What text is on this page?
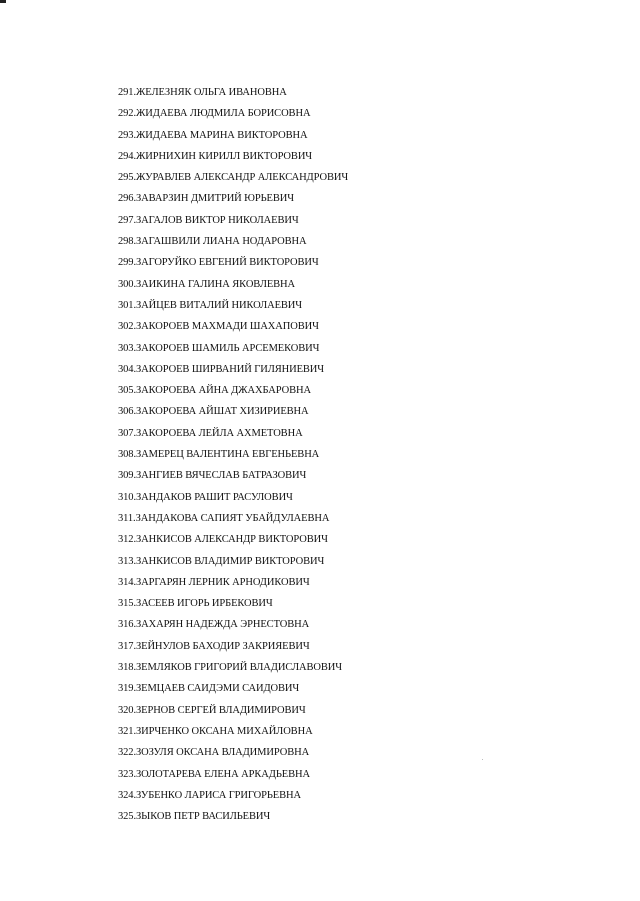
291.ЖЕЛЕЗНЯК ОЛЬГА ИВАНОВНА
292.ЖИДАЕВА ЛЮДМИЛА БОРИСОВНА
293.ЖИДАЕВА МАРИНА ВИКТОРОВНА
294.ЖИРНИХИН КИРИЛЛ ВИКТОРОВИЧ
295.ЖУРАВЛЕВ АЛЕКСАНДР АЛЕКСАНДРОВИЧ
296.ЗАВАРЗИН ДМИТРИЙ ЮРЬЕВИЧ
297.ЗАГАЛОВ ВИКТОР НИКОЛАЕВИЧ
298.ЗАГАШВИЛИ ЛИАНА НОДАРОВНА
299.ЗАГОРУЙКО ЕВГЕНИЙ ВИКТОРОВИЧ
300.ЗАИКИНА ГАЛИНА ЯКОВЛЕВНА
301.ЗАЙЦЕВ ВИТАЛИЙ НИКОЛАЕВИЧ
302.ЗАКОРОЕВ МАХМАДИ ШАХАПОВИЧ
303.ЗАКОРОЕВ ШАМИЛЬ АРСЕМЕКОВИЧ
304.ЗАКОРОЕВ ШИРВАНИЙ ГИЛЯНИЕВИЧ
305.ЗАКОРОЕВА АЙНА ДЖАХБАРОВНА
306.ЗАКОРОЕВА АЙШАТ ХИЗИРИЕВНА
307.ЗАКОРОЕВА ЛЕЙЛА АХМЕТОВНА
308.ЗАМЕРЕЦ ВАЛЕНТИНА ЕВГЕНЬЕВНА
309.ЗАНГИЕВ ВЯЧЕСЛАВ БАТРАЗОВИЧ
310.ЗАНДАКОВ РАШИТ РАСУЛОВИЧ
311.ЗАНДАКОВА САПИЯТ УБАЙДУЛАЕВНА
312.ЗАНКИСОВ АЛЕКСАНДР ВИКТОРОВИЧ
313.ЗАНКИСОВ ВЛАДИМИР ВИКТОРОВИЧ
314.ЗАРГАРЯН ЛЕРНИК АРНОДИКОВИЧ
315.ЗАСЕЕВ ИГОРЬ ИРБЕКОВИЧ
316.ЗАХАРЯН НАДЕЖДА ЭРНЕСТОВНА
317.ЗЕЙНУЛОВ БАХОДИР ЗАКРИЯЕВИЧ
318.ЗЕМЛЯКОВ ГРИГОРИЙ ВЛАДИСЛАВОВИЧ
319.ЗЕМЦАЕВ САИДЭМИ САИДОВИЧ
320.ЗЕРНОВ СЕРГЕЙ ВЛАДИМИРОВИЧ
321.ЗИРЧЕНКО ОКСАНА МИХАЙЛОВНА
322.ЗОЗУЛЯ ОКСАНА ВЛАДИМИРОВНА
323.ЗОЛОТАРЕВА ЕЛЕНА АРКАДЬЕВНА
324.ЗУБЕНКО ЛАРИСА ГРИГОРЬЕВНА
325.ЗЫКОВ ПЕТР ВАСИЛЬЕВИЧ
